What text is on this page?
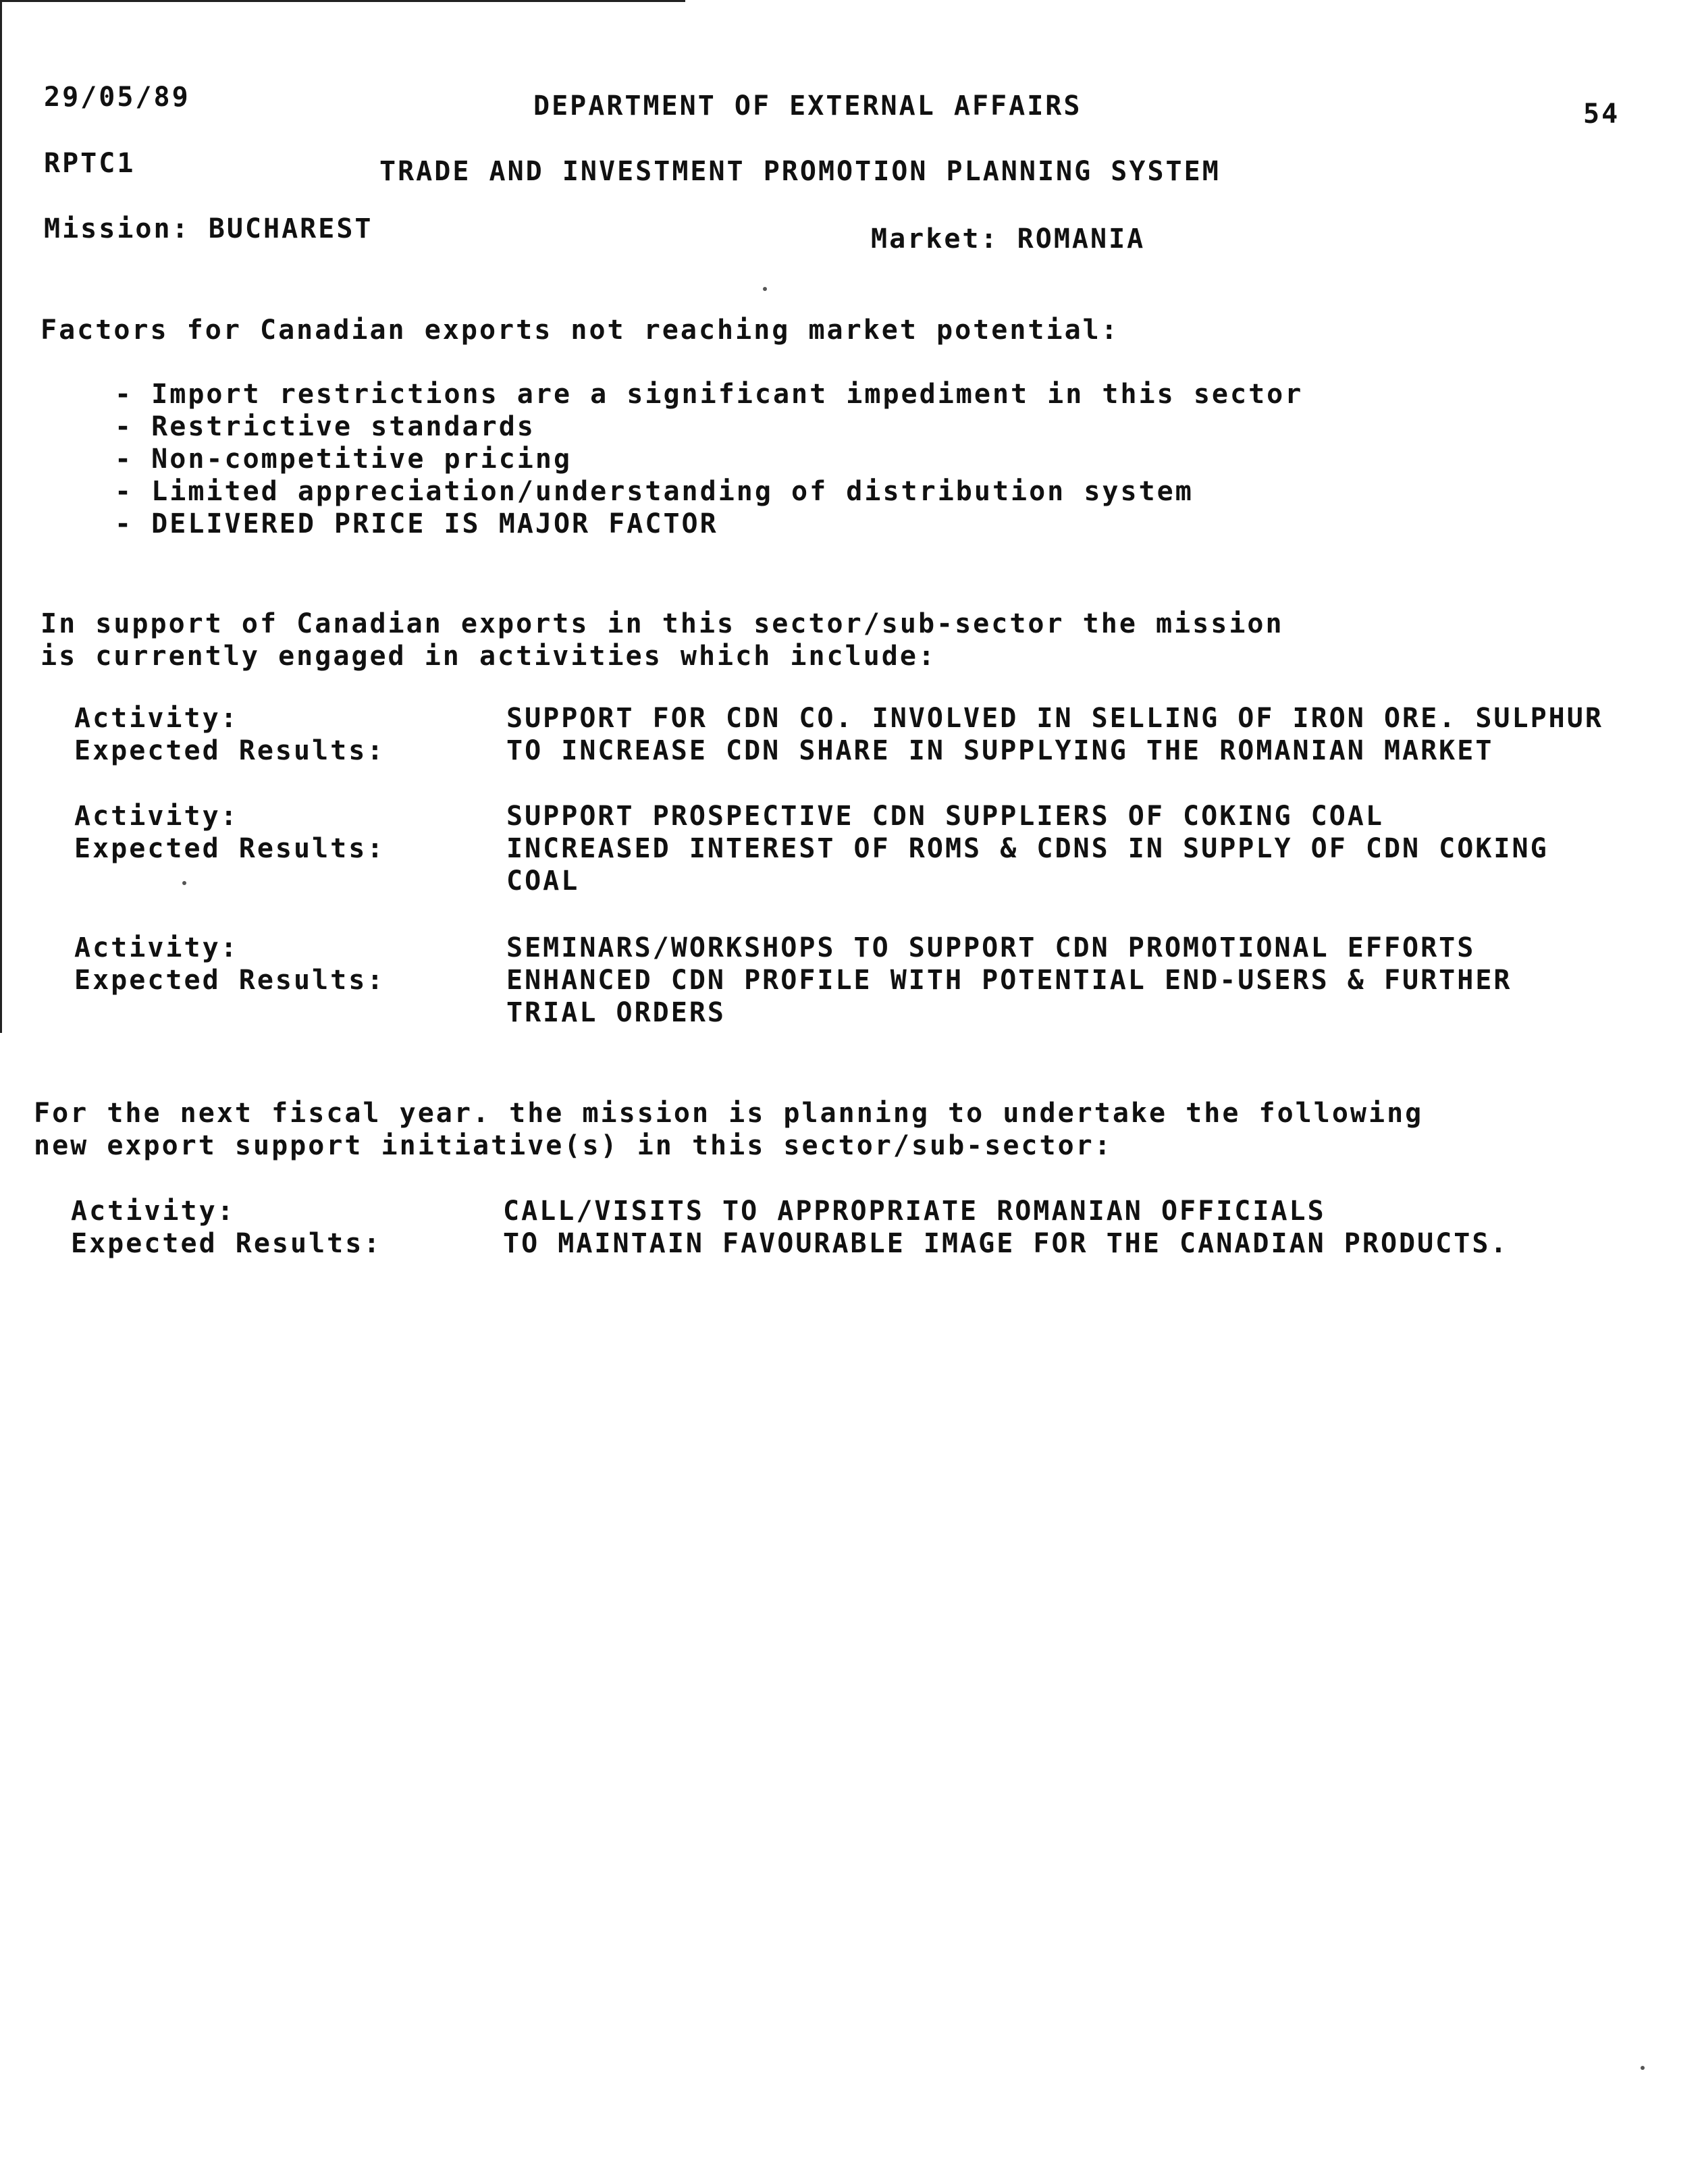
29/05/89	DEPARTMENT OF EXTERNAL AFFAIRS	54
RPTC1	TRADE AND INVESTMENT PROMOTION PLANNING SYSTEM
Mission: BUCHAREST	Market: ROMANIA
Factors for Canadian exports not reaching market potential:
- Import restrictions are a significant impediment in this sector
- Restrictive standards
- Non-competitive pricing
- Limited appreciation/understanding of distribution system
- DELIVERED PRICE IS MAJOR FACTOR
In support of Canadian exports in this sector/sub-sector the mission
is currently engaged in activities which include:
Activity:	SUPPORT FOR CDN CO. INVOLVED IN SELLING OF IRON ORE. SULPHUR
Expected Results:	TO INCREASE CDN SHARE IN SUPPLYING THE ROMANIAN MARKET
Activity:	SUPPORT PROSPECTIVE CDN SUPPLIERS OF COKING COAL
Expected Results:	INCREASED INTEREST OF ROMS & CDNS IN SUPPLY OF CDN COKING
COAL
Activity:	SEMINARS/WORKSHOPS TO SUPPORT CDN PROMOTIONAL EFFORTS
Expected Results:	ENHANCED CDN PROFILE WITH POTENTIAL END-USERS & FURTHER
TRIAL ORDERS
For the next fiscal year. the mission is planning to undertake the following
new export support initiative(s) in this sector/sub-sector:
Activity:	CALL/VISITS TO APPROPRIATE ROMANIAN OFFICIALS
Expected Results:	TO MAINTAIN FAVOURABLE IMAGE FOR THE CANADIAN PRODUCTS.
